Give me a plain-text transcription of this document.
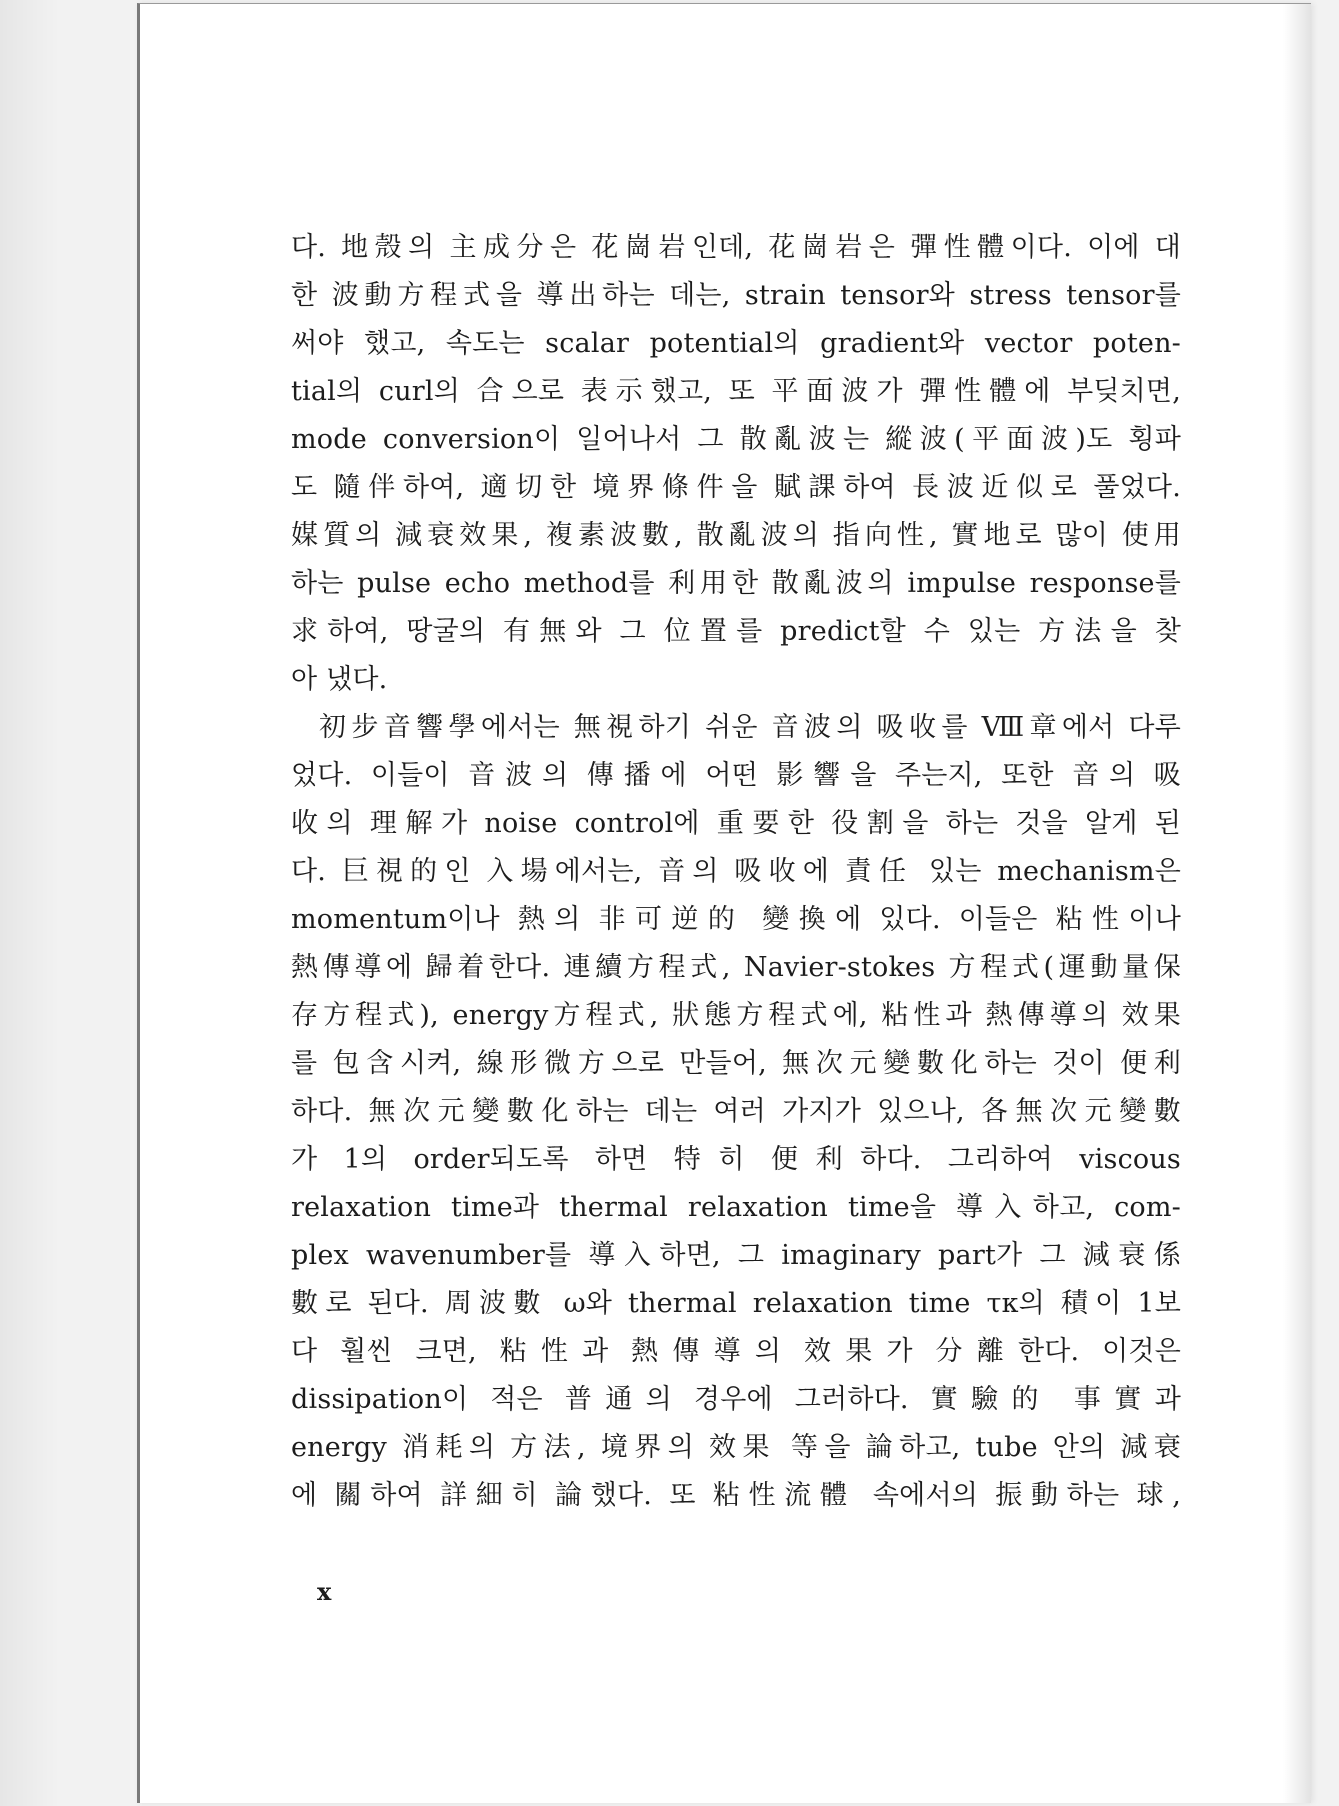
다. 地殼의 主成分은 花崗岩인데, 花崗岩은 彈性體이다. 이에 대
한 波動方程式을 導出하는 데는, strain tensor와 stress tensor를
써야 했고, 속도는 scalar potential의 gradient와 vector poten-
tial의 curl의 合으로 表示했고, 또 平面波가 彈性體에 부딪치면,
mode conversion이 일어나서 그 散亂波는 縱波(平面波)도 횡파
도 隨伴하여, 適切한 境界條件을 賦課하여 長波近似로 풀었다.
媒質의 減衰效果, 複素波數, 散亂波의 指向性, 實地로 많이 使用
하는 pulse echo method를 利用한 散亂波의 impulse response를
求하여, 땅굴의 有無와 그 位置를 predict할 수 있는 方法을 찾
아 냈다.
初步音響學에서는 無視하기 쉬운 音波의 吸收를 Ⅷ章에서 다루
었다. 이들이 音波의 傳播에 어떤 影響을 주는지, 또한 音의 吸
收의 理解가 noise control에 重要한 役割을 하는 것을 알게 된
다. 巨視的인 入場에서는, 音의 吸收에 責任 있는 mechanism은
momentum이나 熱의 非可逆的 變換에 있다. 이들은 粘性이나
熱傳導에 歸着한다. 連續方程式, Navier-stokes 方程式(運動量保
存方程式), energy方程式, 狀態方程式에, 粘性과 熱傳導의 效果
를 包含시켜, 線形微方으로 만들어, 無次元變數化하는 것이 便利
하다. 無次元變數化하는 데는 여러 가지가 있으나, 各無次元變數
가 1의 order되도록 하면 特히 便利하다. 그리하여 viscous
relaxation time과 thermal relaxation time을 導入하고, com-
plex wavenumber를 導入하면, 그 imaginary part가 그 減衰係
數로 된다. 周波數 ω와 thermal relaxation time τκ의 積이 1보
다 훨씬 크면, 粘性과 熱傳導의 效果가 分離한다. 이것은
dissipation이 적은 普通의 경우에 그러하다. 實驗的 事實과
energy 消耗의 方法, 境界의 效果 等을 論하고, tube 안의 減衰
에 關하여 詳細히 論했다. 또 粘性流體 속에서의 振動하는 球,
x
